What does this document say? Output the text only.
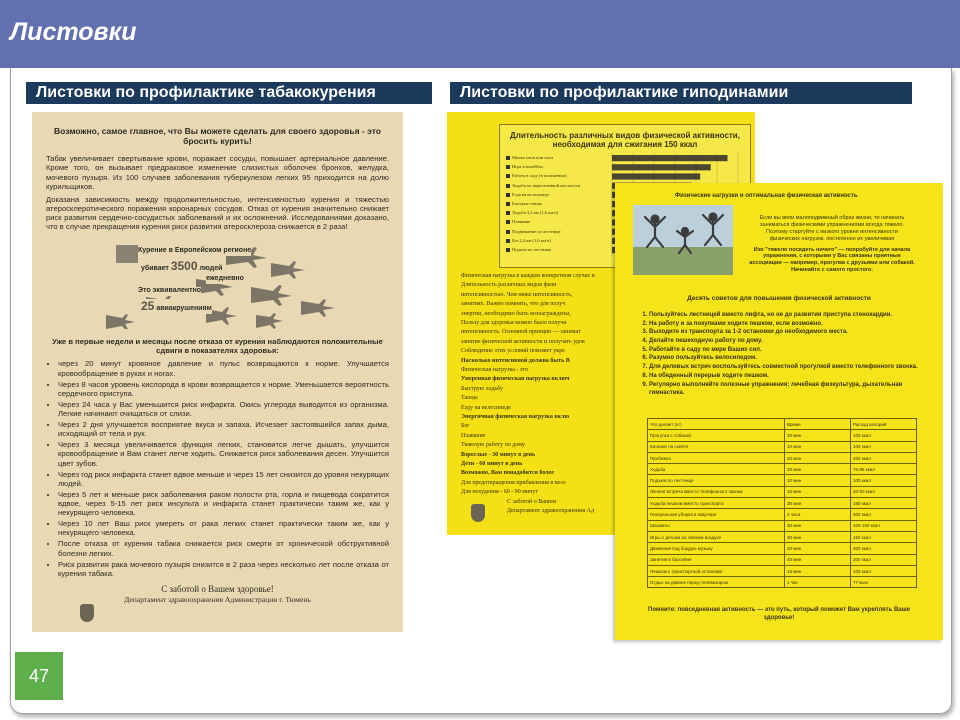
Листовки
Листовки по профилактике табакокурения	Листовки по профилактике гиподинамии
Возможно, самое главное, что Вы можете сделать для своего здоровья - это бросить курить!

Табак увеличивает свертывание крови, поражает сосуды, повышает артериальное давление. Кроме того, он вызывает предраковое изменение слизистых оболочек бронхов, желудка, мочевого пузыря. Из 100 случаев заболевания туберкулезом легких 95 приходится на долю курильщиков.

Доказана зависимость между продолжительностью, интенсивностью курения и тяжестью атеросклеротического поражения коронарных сосудов. Отказ от курения значительно снижает риск развития сердечно-сосудистых заболеваний и их осложнений. Исследованиями доказано, что в случае прекращения курения риск развития атеросклероза снижается в 2 раза!

Курение в Европейском регионе
убивает 3500 людей
ежедневно
Это эквивалентно
25 авиакрушениям
Уже в первые недели и месяцы после отказа от курения наблюдаются положительные сдвиги в показателях здоровья:
• через 20 минут кровяное давление и пульс возвращаются к норме. Улучшается кровообращение в руках и ногах.
• Через 8 часов уровень кислорода в крови возвращается к норме. Уменьшается вероятность сердечного приступа.
• Через 24 часа у Вас уменьшится риск инфаркта. Окись углерода выводится из организма. Легкие начинают очищаться от слизи.
• Через 2 дня улучшается восприятие вкуса и запаха. Исчезает застоявшийся запах дыма, исходящий от тела и рук.
• Через 3 месяца увеличивается функция легких, становится легче дышать, улучшится кровообращение и Вам станет легче ходить. Снижается риск заболевания десен. Улучшится цвет зубов.
• Через год риск инфаркта станет вдвое меньше и через 15 лет снизится до уровня некурящих людей.
• Через 5 лет и меньше риск заболевания раком полости рта, горла и пищевода сократится вдвое, через 5-15 лет риск инсульта и инфаркта станет практически таким же, как у некурящего человека.
• Через 10 лет Ваш риск умереть от рака легких станет практически таким же, как у некурящего человека.
• После отказа от курения табака снижается риск смерти от хронической обструктивной болезни легких.
• Риск развития рака мочевого пузыря снизится в 2 раза через несколько лет после отказа от курения табака.
С заботой о Вашем здоровье!
Департамент здравоохранения Администрации г. Тюмень
Длительность различных видов физической активности, необходимая для сжигания 150 ккал
Мытье окон или пола
Игра в волейбол
Работа в саду (в положении)
Ходьба по пересеченной местности
Езда на велосипеде
Быстрые танцы
Ходьба 3,2 км (1,6 км/ч)
Плавание
Поднимание по лестнице
Бег 2,4 км (1,6 км/ч)
Подъем по лестнице
Физическая нагрузка в каждом конкретном случае и
Длительность различных видов физи
интенсивностью. Чем ниже интенсивность,
занятиях. Важно помнить, что для получ
энергии, необходимо быть вознаграждены,
Пользу для здоровья можно было получи
интенсивность. Основной принцип — занимат
занятие физической активности и получать удов
Соблюдение этих условий поможет укре
Насколько интенсивной должна быть В
Физическая нагрузка - это
Умеренная физическая нагрузка включ
Быструю ходьбу
Танцы
Езду на велосипеде
Энергичная физическая нагрузка вклю
Бег
Плавание
Тяжелую работу по дому
Взрослые - 30 минут в день
Дети - 60 минут в день
Возможно, Вам понадобится более
Для предотвращения прибавления в весе
Для похудения - 60 - 90 минут
С заботой о Вашем
Департамент здравоохранения Ад
Физические нагрузки и оптимальная физическая активность
Если вы вели малоподвижный образ жизни, то начинать
заниматься физическими упражнениями всегда тяжело.
Поэтому стартуйте с низкого уровня интенсивности
физических нагрузок, постепенно их увеличивая
Изо "тяжело посидеть ничего" — попробуйте для начала
упражнения, с которыми у Вас связаны приятные
ассоциации — например, прогулка с друзьями или собакой.
Начинайте с самого простого.
Десять советов для повышения физической активности
1. Пользуйтесь лестницей вместо лифта, но не до развития приступа стенокардии.
2. На работу и за покупками ходите пешком, если возможно.
3. Выходите из транспорта за 1-2 остановки до необходимого места.
4. Делайте пешеходную работу по дому.
5. Работайте в саду по мере Ваших сил.
6. Разумно пользуйтесь велосипедом.
7. Для деловых встреч воспользуйтесь совместной прогулкой вместо телефонного звонка.
8. На обеденный перерыв ходите пешком.
9. Регулярно выполняйте полезные упражнения: лечебная физкультура, дыхательная гимнастика.
Что делает (кт)	Время	Расход калорий
Прогулка с собакой	30 мин	100 ккал
Катание на скейте	10 мин	100 ккал
Пробежка	20 мин	200 ккал
Ходьба	30 мин	75-85 ккал
Подъем по лестнице	10 мин	100 ккал
Личная встреча вместо телефонного звонка	10 мин	40-50 ккал
Ходьба пешком вместо транспорта	30 мин	180 ккал
Генеральная уборка в квартире	2 часа	300 ккал
Шахматы	30 мин	100-150 ккал
Игры с детьми на свежем воздухе	30 мин	150 ккал
Движения под бодрую музыку	20 мин	200 ккал
Занятия в бассейне	40 мин	200 ккал
Пешком к транспортной остановке	15 мин	100 ккал
Отдых на диване перед телевизором	1 час	77 ккал
Помните: повседневная активность — это путь, который поможет Вам укреплять Ваше здоровье!
47
